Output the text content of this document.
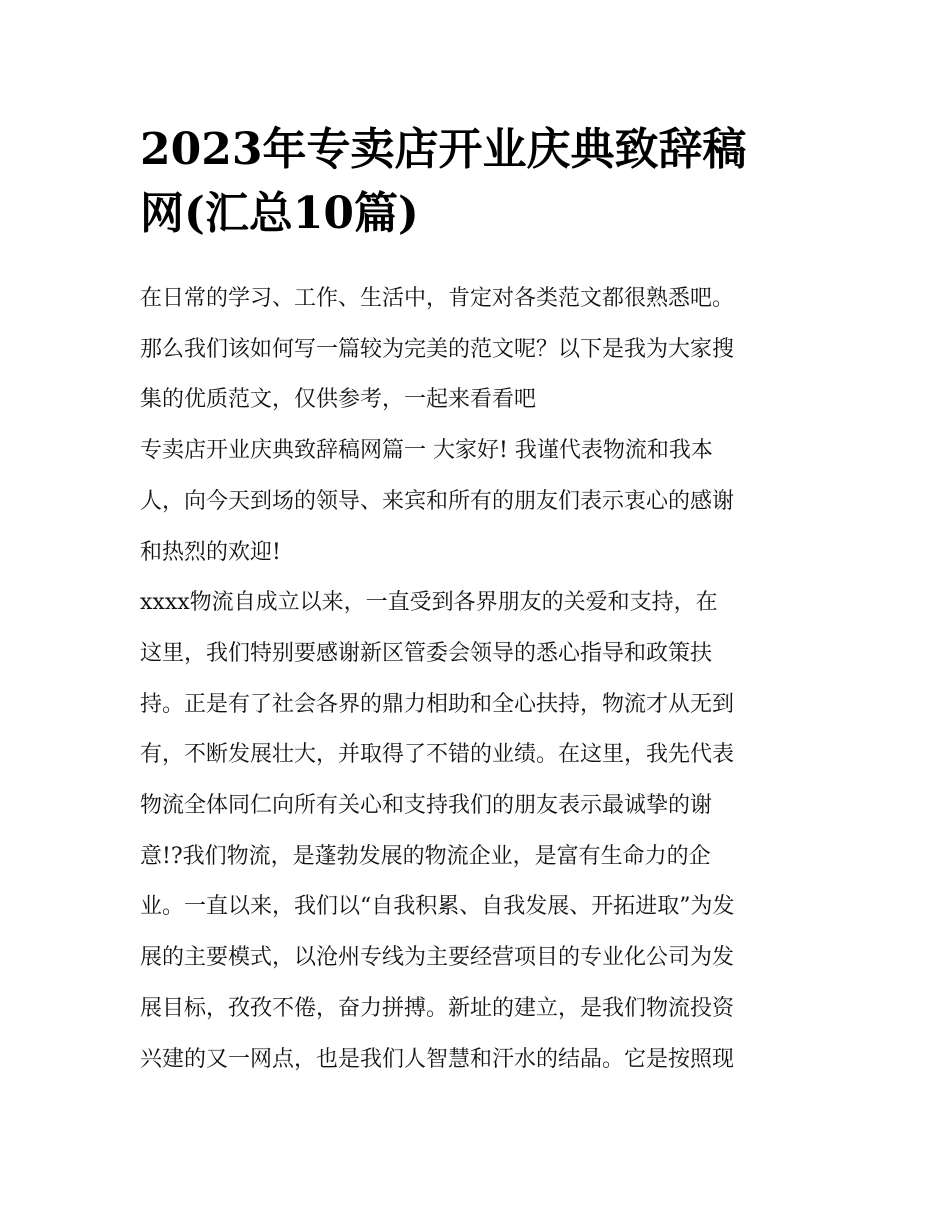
2023年专卖店开业庆典致辞稿
网(汇总10篇)
在日常的学习、工作、生活中，肯定对各类范文都很熟悉吧。
那么我们该如何写一篇较为完美的范文呢？以下是我为大家搜
集的优质范文，仅供参考，一起来看看吧
专卖店开业庆典致辞稿网篇一 大家好! 我谨代表物流和我本
人，向今天到场的领导、来宾和所有的朋友们表示衷心的感谢
和热烈的欢迎!
xxxx物流自成立以来，一直受到各界朋友的关爱和支持，在
这里，我们特别要感谢新区管委会领导的悉心指导和政策扶
持。正是有了社会各界的鼎力相助和全心扶持，物流才从无到
有，不断发展壮大，并取得了不错的业绩。在这里，我先代表
物流全体同仁向所有关心和支持我们的朋友表示最诚挚的谢
意!?我们物流，是蓬勃发展的物流企业，是富有生命力的企
业。一直以来，我们以“自我积累、自我发展、开拓进取”为发
展的主要模式，以沧州专线为主要经营项目的专业化公司为发
展目标，孜孜不倦，奋力拼搏。新址的建立，是我们物流投资
兴建的又一网点，也是我们人智慧和汗水的结晶。它是按照现
